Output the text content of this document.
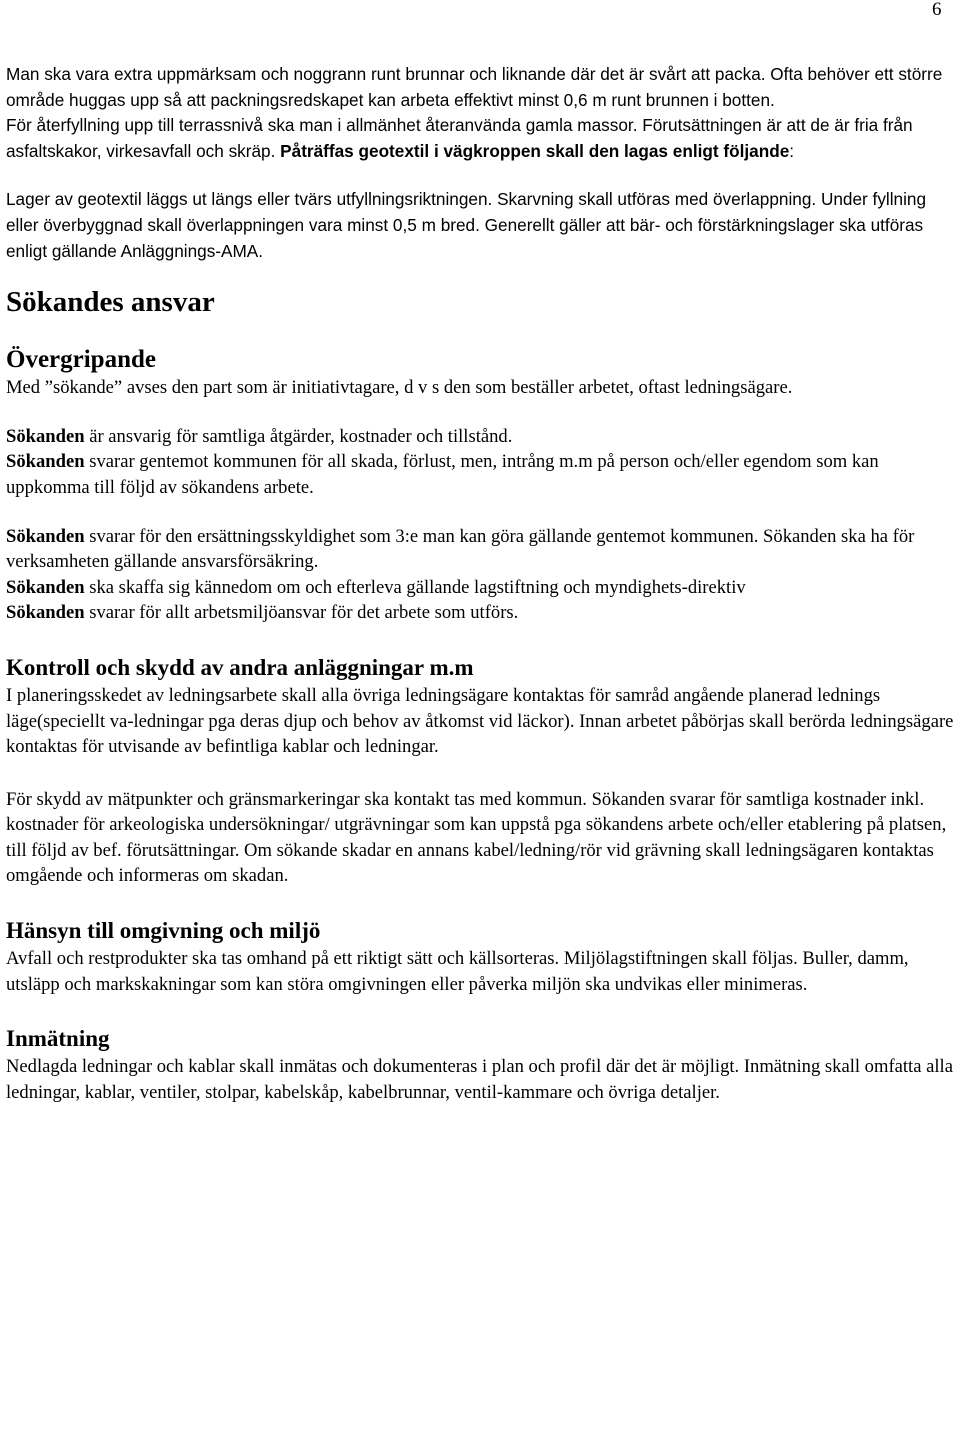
6

Man ska vara extra uppmärksam och noggrann runt brunnar och liknande där det är svårt att packa. Ofta behöver ett större område huggas upp så att packningsredskapet kan arbeta effektivt minst 0,6 m runt brunnen i botten.

För återfyllning upp till terrassnivå ska man i allmänhet återanvända gamla massor. Förutsättningen är att de är fria från asfaltskakor, virkesavfall och skräp. Påträffas geotextil i vägkroppen skall den lagas enligt följande:

Lager av geotextil läggs ut längs eller tvärs utfyllningsriktningen. Skarvning skall utföras med överlappning. Under fyllning eller överbyggnad skall överlappningen vara minst 0,5 m bred. Generellt gäller att bär- och förstärkningslager ska utföras enligt gällande Anläggnings-AMA.

Sökandes ansvar
Övergripande

Med ”sökande” avses den part som är initiativtagare, d v s den som beställer arbetet, oftast ledningsägare.

Sökanden är ansvarig för samtliga åtgärder, kostnader och tillstånd.

Sökanden svarar gentemot kommunen för all skada, förlust, men, intrång m.m på person och/eller egendom som kan uppkomma till följd av sökandens arbete.

Sökanden svarar för den ersättningsskyldighet som 3:e man kan göra gällande gentemot kommunen. Sökanden ska ha för verksamheten gällande ansvarsförsäkring.

Sökanden ska skaffa sig kännedom om och efterleva gällande lagstiftning och myndighets-direktiv

Sökanden svarar för allt arbetsmiljöansvar för det arbete som utförs.

Kontroll och skydd av andra anläggningar m.m

I planeringsskedet av ledningsarbete skall alla övriga ledningsägare kontaktas för samråd angående planerad lednings läge(speciellt va-ledningar pga deras djup och behov av åtkomst vid läckor). Innan arbetet påbörjas skall berörda ledningsägare kontaktas för utvisande av befintliga kablar och ledningar.

För skydd av mätpunkter och gränsmarkeringar ska kontakt tas med kommun. Sökanden svarar för samtliga kostnader inkl. kostnader för arkeologiska undersökningar/ utgrävningar som kan uppstå pga sökandens arbete och/eller etablering på platsen, till följd av bef. förutsättningar. Om sökande skadar en annans kabel/ledning/rör vid grävning skall ledningsägaren kontaktas omgående och informeras om skadan.

Hänsyn till omgivning och miljö

Avfall och restprodukter ska tas omhand på ett riktigt sätt och källsorteras. Miljölagstiftningen skall följas. Buller, damm, utsläpp och markskakningar som kan störa omgivningen eller påverka miljön ska undvikas eller minimeras.

Inmätning

Nedlagda ledningar och kablar skall inmätas och dokumenteras i plan och profil där det är möjligt. Inmätning skall omfatta alla ledningar, kablar, ventiler, stolpar, kabelskåp, kabelbrunnar, ventil-kammare och övriga detaljer.
